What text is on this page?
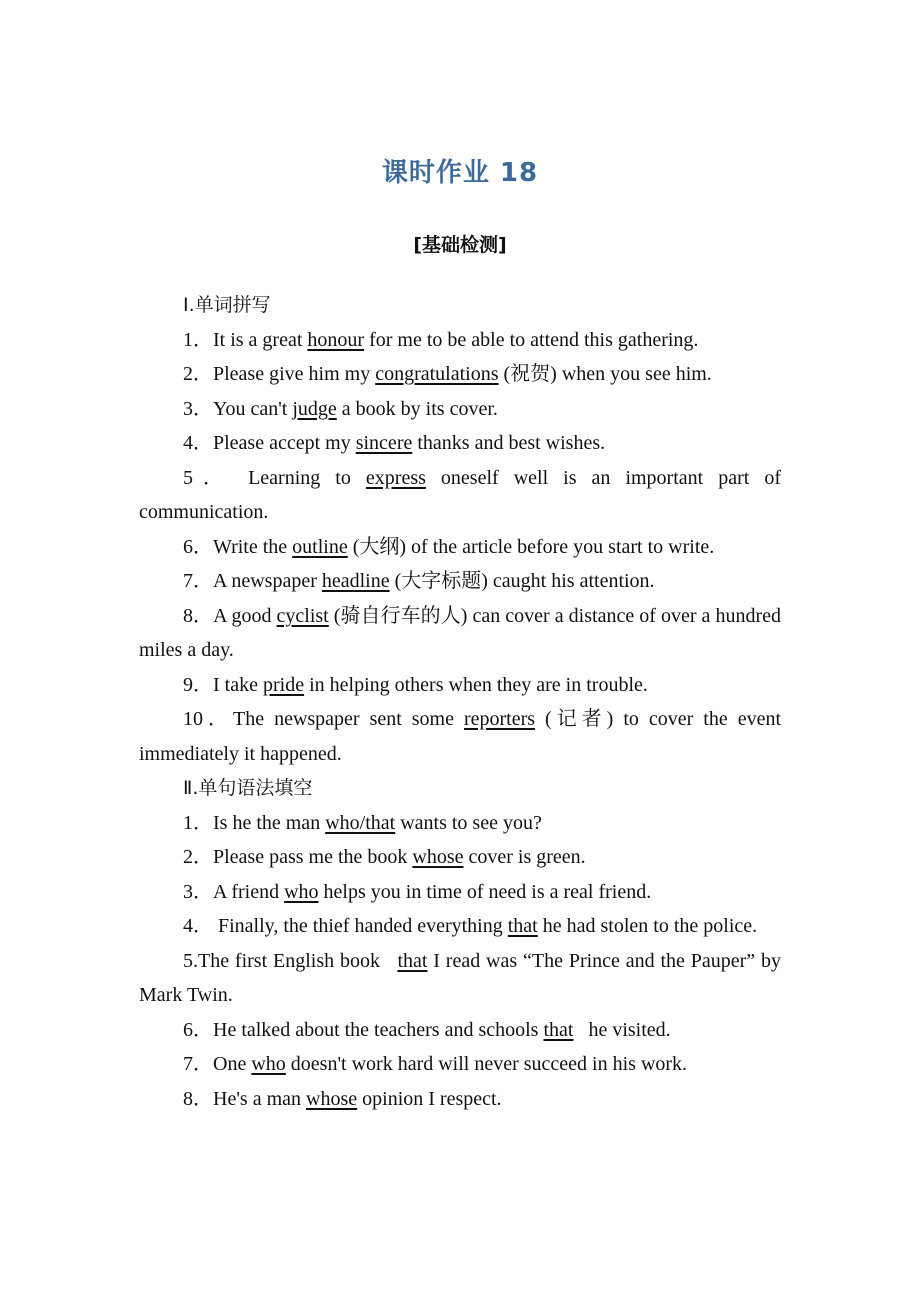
课时作业 18
[基础检测]
Ⅰ.单词拼写
1．It is a great honour for me to be able to attend this gathering.
2．Please give him my congratulations (祝贺) when you see him.
3．You can't judge a book by its cover.
4．Please accept my sincere thanks and best wishes.
5． Learning to express oneself well is an important part of communication.
6．Write the outline (大纲) of the article before you start to write.
7．A newspaper headline (大字标题) caught his attention.
8．A good cyclist (骑自行车的人) can cover a distance of over a hundred miles a day.
9．I take pride in helping others when they are in trouble.
10．The newspaper sent some reporters (记者) to cover the event immediately it happened.
Ⅱ.单句语法填空
1．Is he the man who/that wants to see you?
2．Please pass me the book whose cover is green.
3．A friend who helps you in time of need is a real friend.
4． Finally, the thief handed everything that he had stolen to the police.
5.The first English book   that I read was “The Prince and the Pauper” by Mark Twin.
6．He talked about the teachers and schools that   he visited.
7．One who doesn't work hard will never succeed in his work.
8．He's a man whose opinion I respect.
